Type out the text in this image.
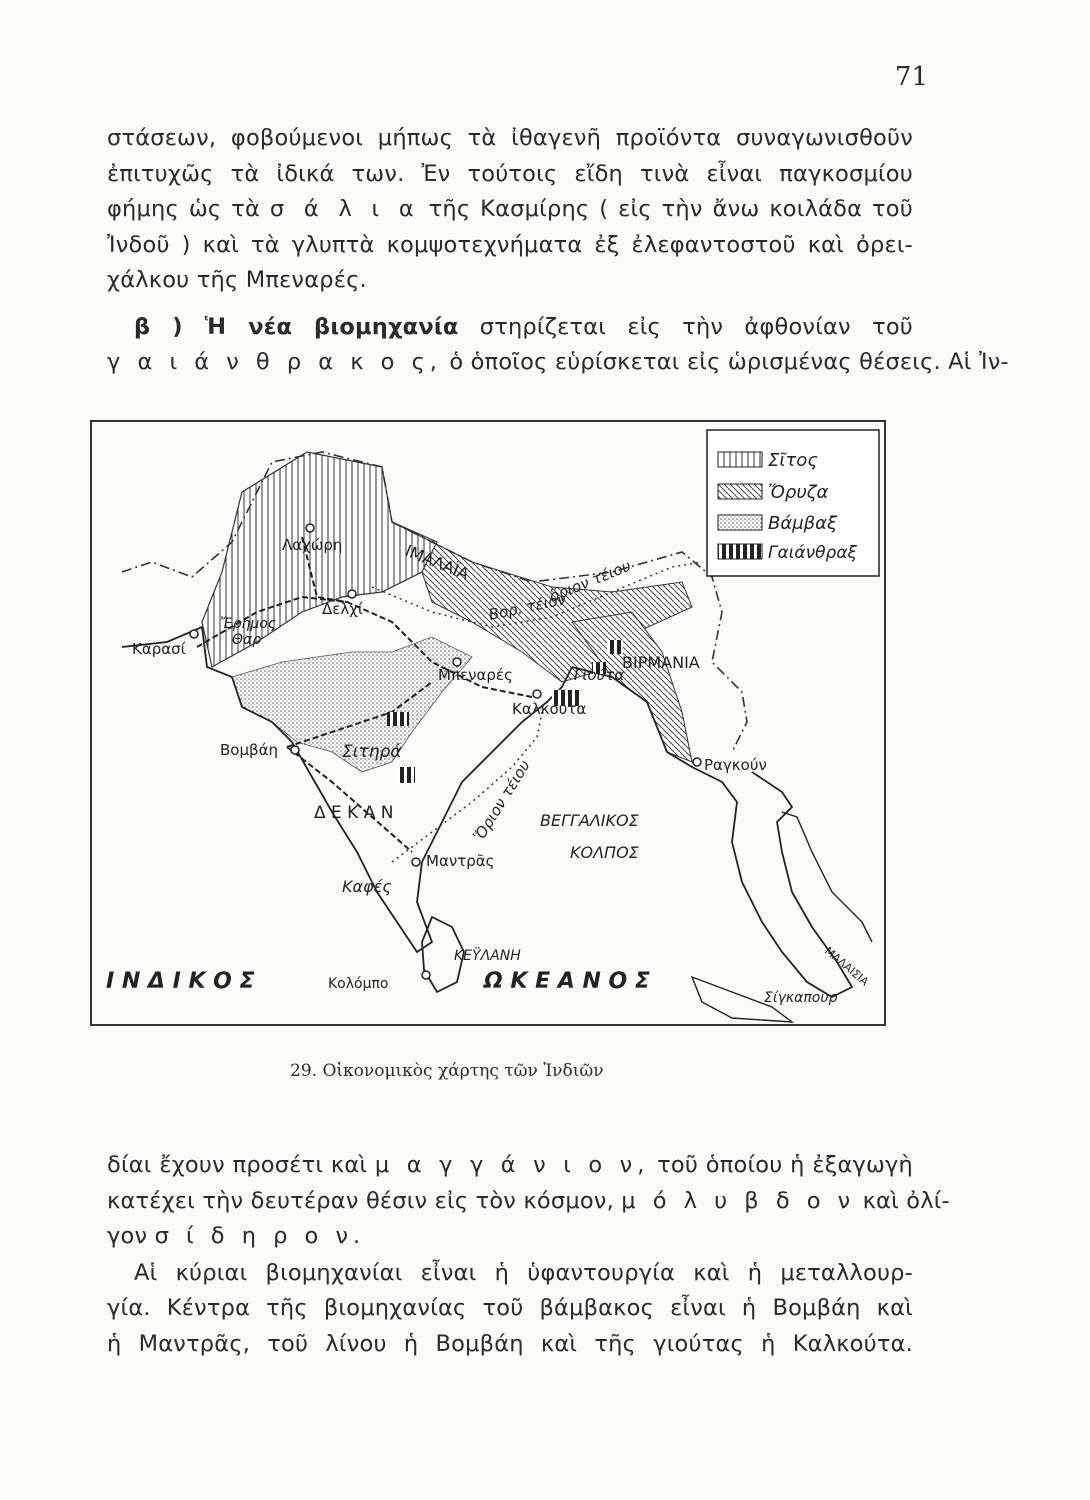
71
στάσεων, φοβούμενοι μήπως τὰ ἰθαγενῆ προϊόντα συναγωνισθοῦν
ἐπιτυχῶς τὰ ἰδικά των. Ἐν τούτοις εἴδη τινὰ εἶναι παγκοσμίου
φήμης ὡς τὰ σ ά λ ι α τῆς Κασμίρης ( εἰς τὴν ἄνω κοιλάδα τοῦ
Ἰνδοῦ ) καὶ τὰ γλυπτὰ κομψοτεχνήματα ἐξ ἐλεφαντοστοῦ καὶ ὀρει-
χάλκου τῆς Μπεναρές.
β ) Ἡ νέα βιομηχανία στηρίζεται εἰς τὴν ἀφθονίαν τοῦ
γ α ι ά ν θ ρ α κ ο ς, ὁ ὁποῖος εὑρίσκεται εἰς ὡρισμένας θέσεις. Αἱ Ἰν-
Σῖτος
Ὄρυζα
Βάμβαξ
Γαιάνθραξ
Λαχώρη	ΙΜΑΛΑΪΑ	ὅριον τέιου
Βορ. τέιον
Δελχί
Ἔρημος
Θαρ
Καρασί
Μπεναρές
ΒΙΡΜΑΝΙΑ
Γιούτα
Καλκούτα
Βομβάη	Σιτηρά
Ραγκούν
Δ Ε Κ Α Ν	Ὅριον τέιου ΒΕΓΓΑΛΙΚΟΣ
ΚΟΛΠΟΣ
Μαντρᾶς
Καφές
ΚΕΫΛΑΝΗ
Κολόμπο
Ι Ν Δ Ι Κ Ο Σ	Ω Κ Ε Α Ν Ο Σ	ΜΑΛΑΙΣΙΑ
Σίγκαπουρ
29. Οἰκονομικὸς χάρτης τῶν Ἰνδιῶν
δίαι ἔχουν προσέτι καὶ μ α γ γ ά ν ι ο ν, τοῦ ὁποίου ἡ ἐξαγωγὴ
κατέχει τὴν δευτέραν θέσιν εἰς τὸν κόσμον, μ ό λ υ β δ ο ν καὶ ὀλί-
γον σ ί δ η ρ ο ν.
Αἱ κύριαι βιομηχανίαι εἶναι ἡ ὑφαντουργία καὶ ἡ μεταλλουρ-
γία. Κέντρα τῆς βιομηχανίας τοῦ βάμβακος εἶναι ἡ Βομβάη καὶ
ἡ Μαντρᾶς, τοῦ λίνου ἡ Βομβάη καὶ τῆς γιούτας ἡ Καλκούτα.
